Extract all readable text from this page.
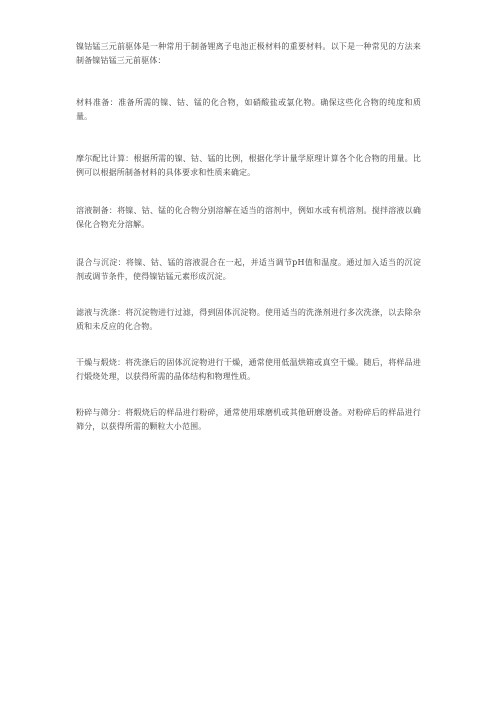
镍钴锰三元前驱体是一种常用于制备锂离子电池正极材料的重要材料。以下是一种常见的方法来制备镍钴锰三元前驱体：

材料准备：准备所需的镍、钴、锰的化合物，如硝酸盐或氯化物。确保这些化合物的纯度和质量。

摩尔配比计算：根据所需的镍、钴、锰的比例，根据化学计量学原理计算各个化合物的用量。比例可以根据所制备材料的具体要求和性质来确定。

溶液制备：将镍、钴、锰的化合物分别溶解在适当的溶剂中，例如水或有机溶剂。搅拌溶液以确保化合物充分溶解。

混合与沉淀：将镍、钴、锰的溶液混合在一起，并适当调节pH值和温度。通过加入适当的沉淀剂或调节条件，使得镍钴锰元素形成沉淀。

滤液与洗涤：将沉淀物进行过滤，得到固体沉淀物。使用适当的洗涤剂进行多次洗涤，以去除杂质和未反应的化合物。

干燥与煅烧：将洗涤后的固体沉淀物进行干燥，通常使用低温烘箱或真空干燥。随后，将样品进行煅烧处理，以获得所需的晶体结构和物理性质。

粉碎与筛分：将煅烧后的样品进行粉碎，通常使用球磨机或其他研磨设备。对粉碎后的样品进行筛分，以获得所需的颗粒大小范围。
